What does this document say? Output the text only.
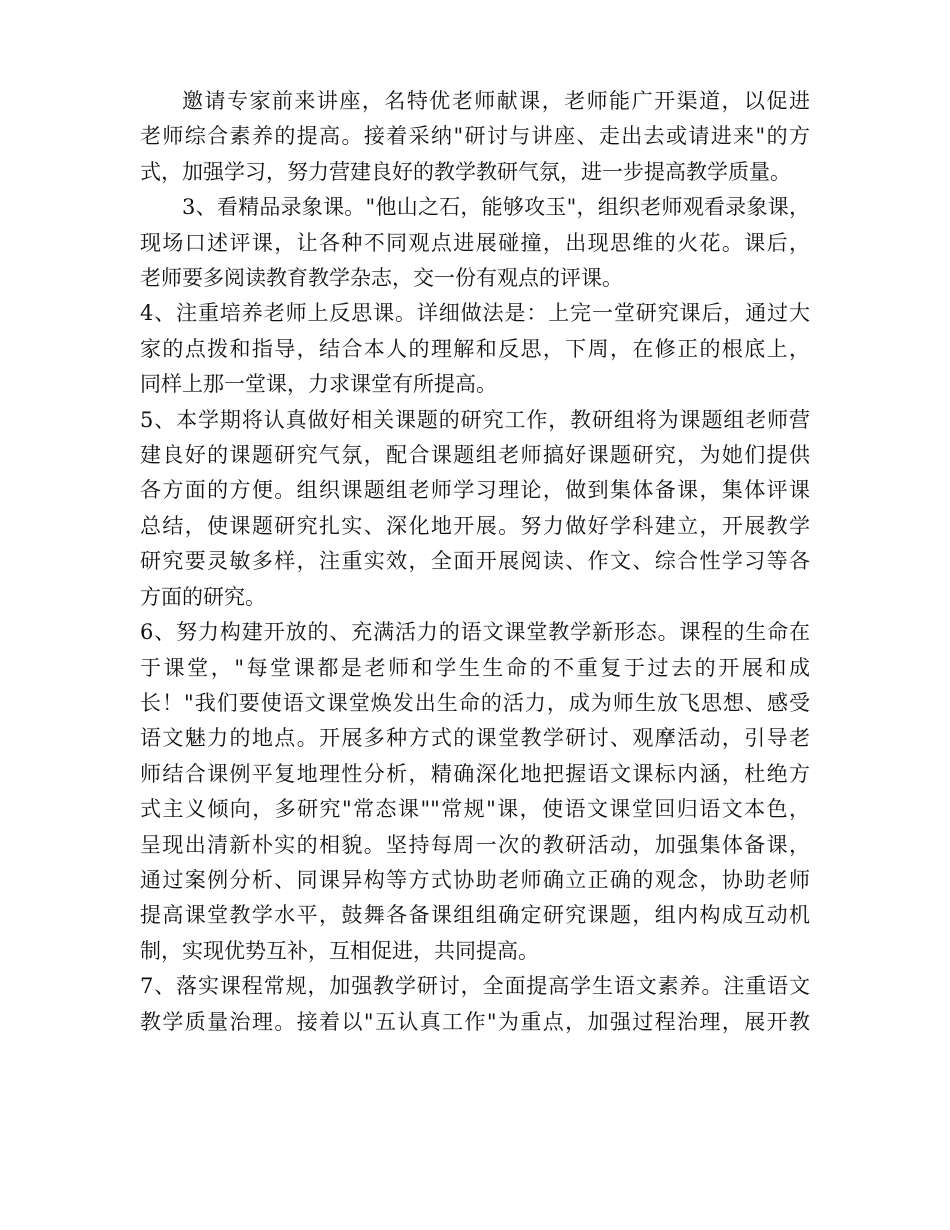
邀请专家前来讲座，名特优老师献课，老师能广开渠道，以促进
老师综合素养的提高。接着采纳"研讨与讲座、走出去或请进来"的方
式，加强学习，努力营建良好的教学教研气氛，进一步提高教学质量。

3、看精品录象课。"他山之石，能够攻玉"，组织老师观看录象课，
现场口述评课，让各种不同观点进展碰撞，出现思维的火花。课后，
老师要多阅读教育教学杂志，交一份有观点的评课。

4、注重培养老师上反思课。详细做法是：上完一堂研究课后，通过大
家的点拨和指导，结合本人的理解和反思，下周，在修正的根底上，
同样上那一堂课，力求课堂有所提高。

5、本学期将认真做好相关课题的研究工作，教研组将为课题组老师营
建良好的课题研究气氛，配合课题组老师搞好课题研究，为她们提供
各方面的方便。组织课题组老师学习理论，做到集体备课，集体评课
总结，使课题研究扎实、深化地开展。努力做好学科建立，开展教学
研究要灵敏多样，注重实效，全面开展阅读、作文、综合性学习等各
方面的研究。

6、努力构建开放的、充满活力的语文课堂教学新形态。课程的生命在
于课堂，"每堂课都是老师和学生生命的不重复于过去的开展和成
长！"我们要使语文课堂焕发出生命的活力，成为师生放飞思想、感受
语文魅力的地点。开展多种方式的课堂教学研讨、观摩活动，引导老
师结合课例平复地理性分析，精确深化地把握语文课标内涵，杜绝方
式主义倾向，多研究"常态课""常规"课，使语文课堂回归语文本色，
呈现出清新朴实的相貌。坚持每周一次的教研活动，加强集体备课，
通过案例分析、同课异构等方式协助老师确立正确的观念，协助老师
提高课堂教学水平，鼓舞各备课组组确定研究课题，组内构成互动机
制，实现优势互补，互相促进，共同提高。

7、落实课程常规，加强教学研讨，全面提高学生语文素养。注重语文
教学质量治理。接着以"五认真工作"为重点，加强过程治理，展开教
